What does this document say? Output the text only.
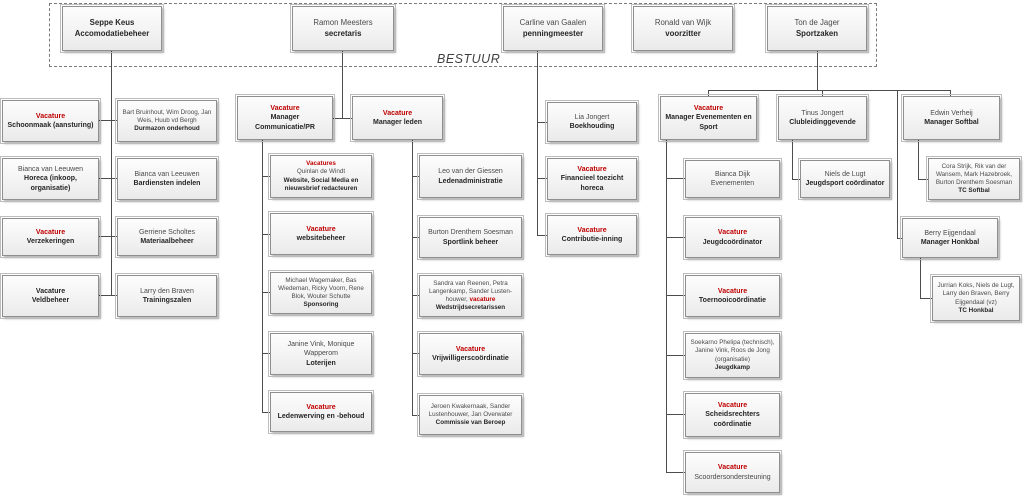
BESTUUR
Seppe Keus
Accomodatiebeheer
Ramon Meesters
secretaris
Carline van Gaalen
penningmeester
Ronald van Wijk
voorzitter
Ton de Jager
Sportzaken
Vacature
Schoonmaak (aansturing)
Bianca van Leeuwen
Horeca (inkoop, organisatie)
Vacature
Verzekeringen
Vacature
Veldbeheer
Bart Bruinhout, Wim Droog, Jan Weis, Huub vd Bergh
Durmazon onderhoud
Bianca van Leeuwen
Bardiensten indelen
Gerriene Scholtes
Materiaalbeheer
Larry den Braven
Trainingszalen
Vacature
Manager Communicatie/PR
Vacature
Manager leden
Vacatures
Quinlan de Windt
Website, Social Media en nieuwsbrief redacteuren
Vacature
websitebeheer
Michael Wagemaker, Bas Wiedeman, Ricky Voorn, Rene Blok, Wouter Schutte
Sponsoring
Janine Vink, Monique Wapperom
Loterijen
Vacature
Ledenwerving en -behoud
Leo van der Giessen
Ledenadministratie
Burton Drenthem Soesman
Sportlink beheer
Sandra van Reenen, Petra Langenkamp, Sander Lusten-houwer, vacature
Wedstrijdsecretarissen
Vacature
Vrijwilligerscoördinatie
Jeroen Kwakernaak, Sander Lustenhouwer, Jan Overwater
Commissie van Beroep
Lia Jongert
Boekhouding
Vacature
Financieel toezicht horeca
Vacature
Contributie-inning
Vacature
Manager Evenementen en Sport
Tinus Jongert
Clubleidinggevende
Edwin Verheij
Manager Softbal
Bianca Dijk
Evenementen
Vacature
Jeugdcoördinator
Vacature
Toernooicoördinatie
Soekarno Phelipa (technisch), Janine Vink, Roos de Jong (organisatie)
Jeugdkamp
Vacature
Scheidsrechters coördinatie
Vacature
Scoordersondersteuning
Niels de Lugt
Jeugdsport coördinator
Cora Strijk, Rik van der Wansem, Mark Hazebroek, Burton Drenthem Soesman
TC Softbal
Berry Eijgendaal
Manager Honkbal
Jurrian Koks, Niels de Lugt, Larry den Braven, Berry Eijgendaal (vz)
TC Honkbal
